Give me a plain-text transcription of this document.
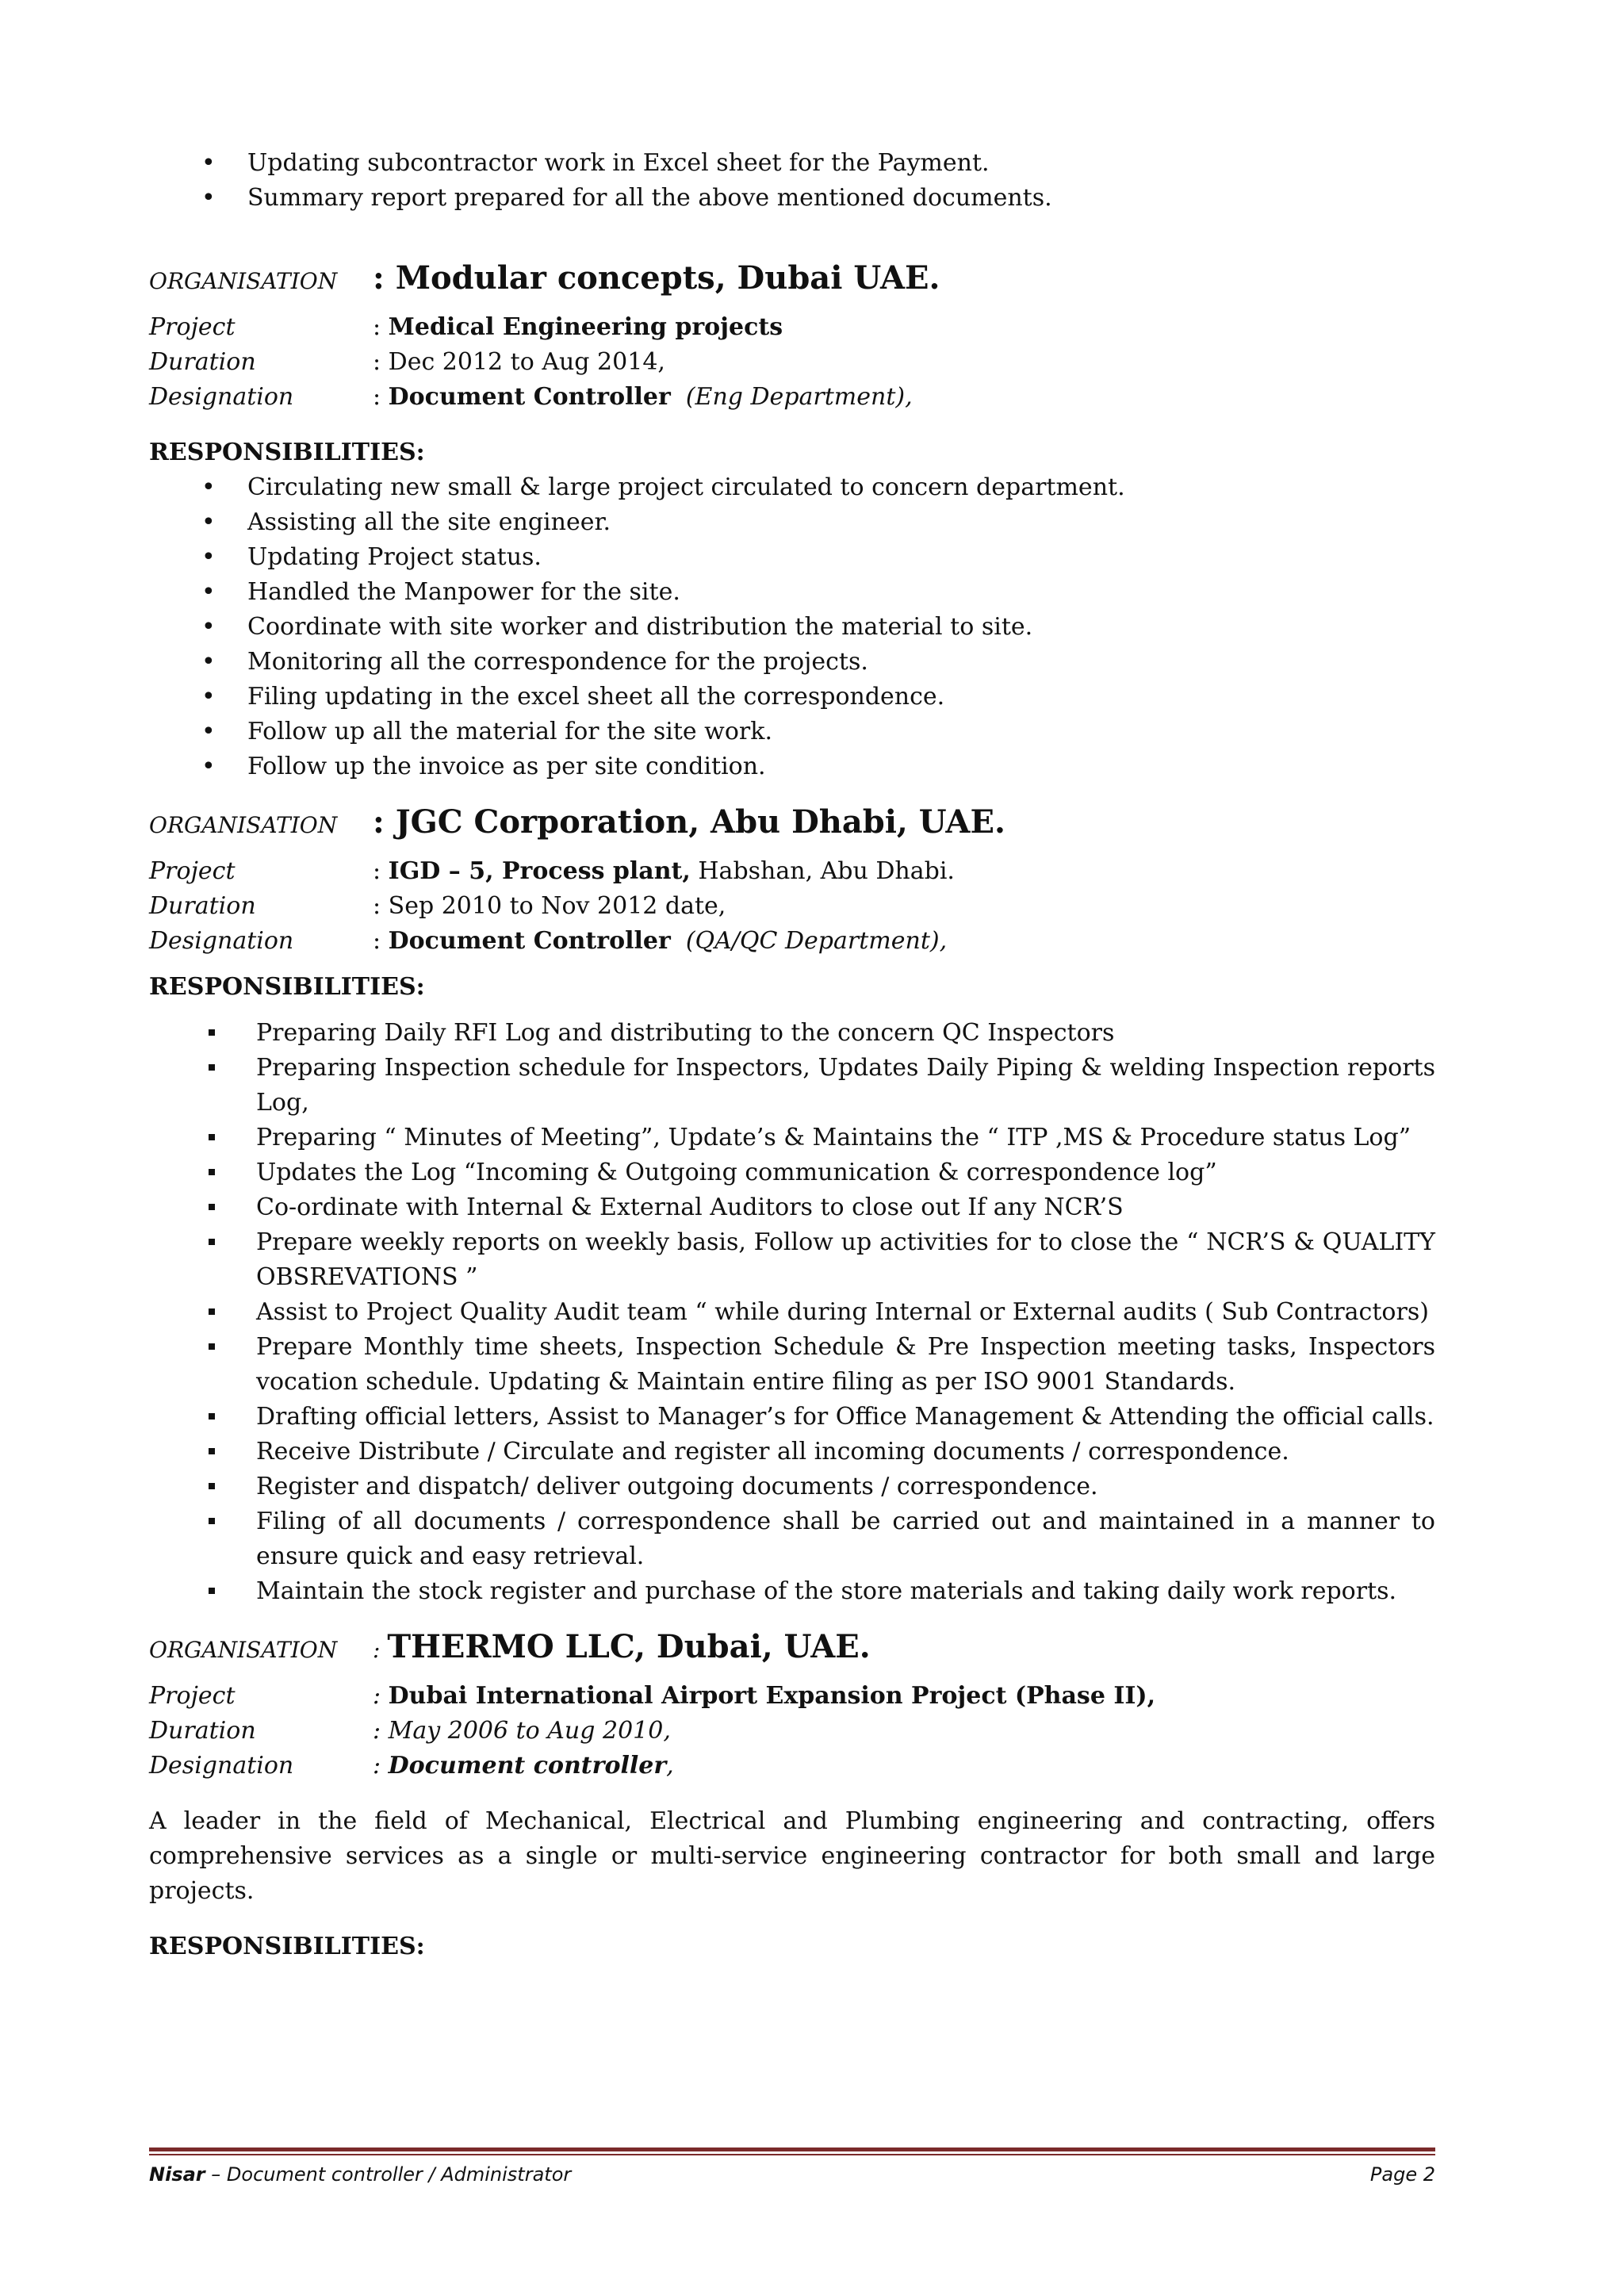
• Updating subcontractor work in Excel sheet for the Payment.
• Summary report prepared for all the above mentioned documents.
ORGANISATION	: Modular concepts, Dubai UAE.
Project	: Medical Engineering projects
Duration	: Dec 2012 to Aug 2014,
Designation	: Document Controller (Eng Department),
RESPONSIBILITIES:
• Circulating new small & large project circulated to concern department.
• Assisting all the site engineer.
• Updating Project status.
• Handled the Manpower for the site.
• Coordinate with site worker and distribution the material to site.
• Monitoring all the correspondence for the projects.
• Filing updating in the excel sheet all the correspondence.
• Follow up all the material for the site work.
• Follow up the invoice as per site condition.
ORGANISATION	: JGC Corporation, Abu Dhabi, UAE.
Project	: IGD – 5, Process plant, Habshan, Abu Dhabi.
Duration	: Sep 2010 to Nov 2012 date,
Designation	: Document Controller (QA/QC Department),
RESPONSIBILITIES:
Preparing Daily RFI Log and distributing to the concern QC Inspectors
Preparing Inspection schedule for Inspectors, Updates Daily Piping & welding Inspection reports Log,
Preparing “ Minutes of Meeting”, Update’s & Maintains the “ ITP ,MS & Procedure status Log”
Updates the Log “Incoming & Outgoing communication & correspondence log”
Co-ordinate with Internal & External Auditors to close out If any NCR’S
Prepare weekly reports on weekly basis, Follow up activities for to close the “ NCR’S & QUALITY OBSREVATIONS ”
Assist to Project Quality Audit team “ while during Internal or External audits ( Sub Contractors)
Prepare Monthly time sheets, Inspection Schedule & Pre Inspection meeting tasks, Inspectors vocation schedule. Updating & Maintain entire filing as per ISO 9001 Standards.
Drafting official letters, Assist to Manager’s for Office Management & Attending the official calls.
Receive Distribute / Circulate and register all incoming documents / correspondence.
Register and dispatch/ deliver outgoing documents / correspondence.
Filing of all documents / correspondence shall be carried out and maintained in a manner to ensure quick and easy retrieval.
Maintain the stock register and purchase of the store materials and taking daily work reports.
ORGANISATION	: THERMO LLC, Dubai, UAE.
Project	: Dubai International Airport Expansion Project (Phase II),
Duration	: May 2006 to Aug 2010,
Designation	: Document controller,

A leader in the field of Mechanical, Electrical and Plumbing engineering and contracting, offers comprehensive services as a single or multi-service engineering contractor for both small and large projects.

RESPONSIBILITIES:
Nisar – Document controller / Administrator	Page 2
